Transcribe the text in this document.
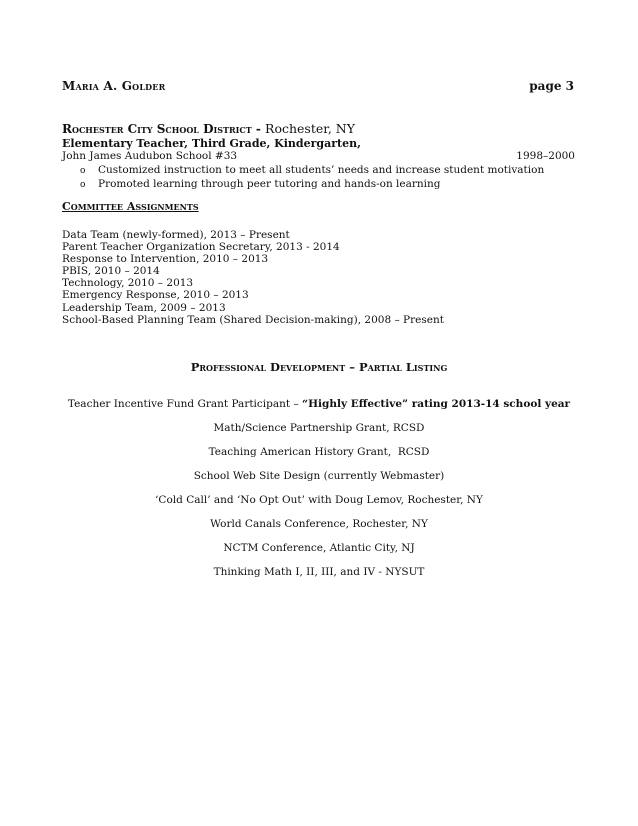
Maria A. Golder	page 3
Rochester City School District - Rochester, NY
Elementary Teacher, Third Grade, Kindergarten,
John James Audubon School #33	1998–2000
o Customized instruction to meet all students’ needs and increase student motivation
o Promoted learning through peer tutoring and hands-on learning
Committee Assignments
Data Team (newly-formed), 2013 – Present
Parent Teacher Organization Secretary, 2013 - 2014
Response to Intervention, 2010 – 2013
PBIS, 2010 – 2014
Technology, 2010 – 2013
Emergency Response, 2010 – 2013
Leadership Team, 2009 – 2013
School-Based Planning Team (Shared Decision-making), 2008 – Present
Professional Development – Partial Listing
Teacher Incentive Fund Grant Participant – “Highly Effective” rating 2013-14 school year
Math/Science Partnership Grant, RCSD
Teaching American History Grant,  RCSD
School Web Site Design (currently Webmaster)
‘Cold Call’ and ‘No Opt Out’ with Doug Lemov, Rochester, NY
World Canals Conference, Rochester, NY
NCTM Conference, Atlantic City, NJ
Thinking Math I, II, III, and IV - NYSUT
